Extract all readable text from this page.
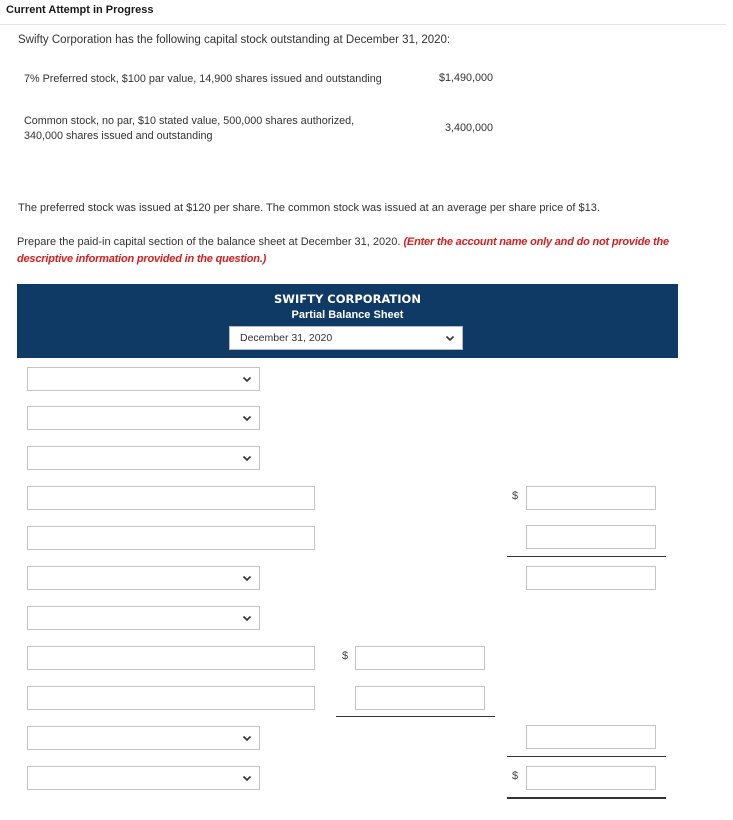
Current Attempt in Progress
Swifty Corporation has the following capital stock outstanding at December 31, 2020:
7% Preferred stock, $100 par value, 14,900 shares issued and outstanding	$1,490,000
Common stock, no par, $10 stated value, 500,000 shares authorized,
340,000 shares issued and outstanding
3,400,000
The preferred stock was issued at $120 per share. The common stock was issued at an average per share price of $13.
Prepare the paid-in capital section of the balance sheet at December 31, 2020. (Enter the account name only and do not provide the
descriptive information provided in the question.)
SWIFTY CORPORATION
Partial Balance Sheet
December 31, 2020
$
$
$
